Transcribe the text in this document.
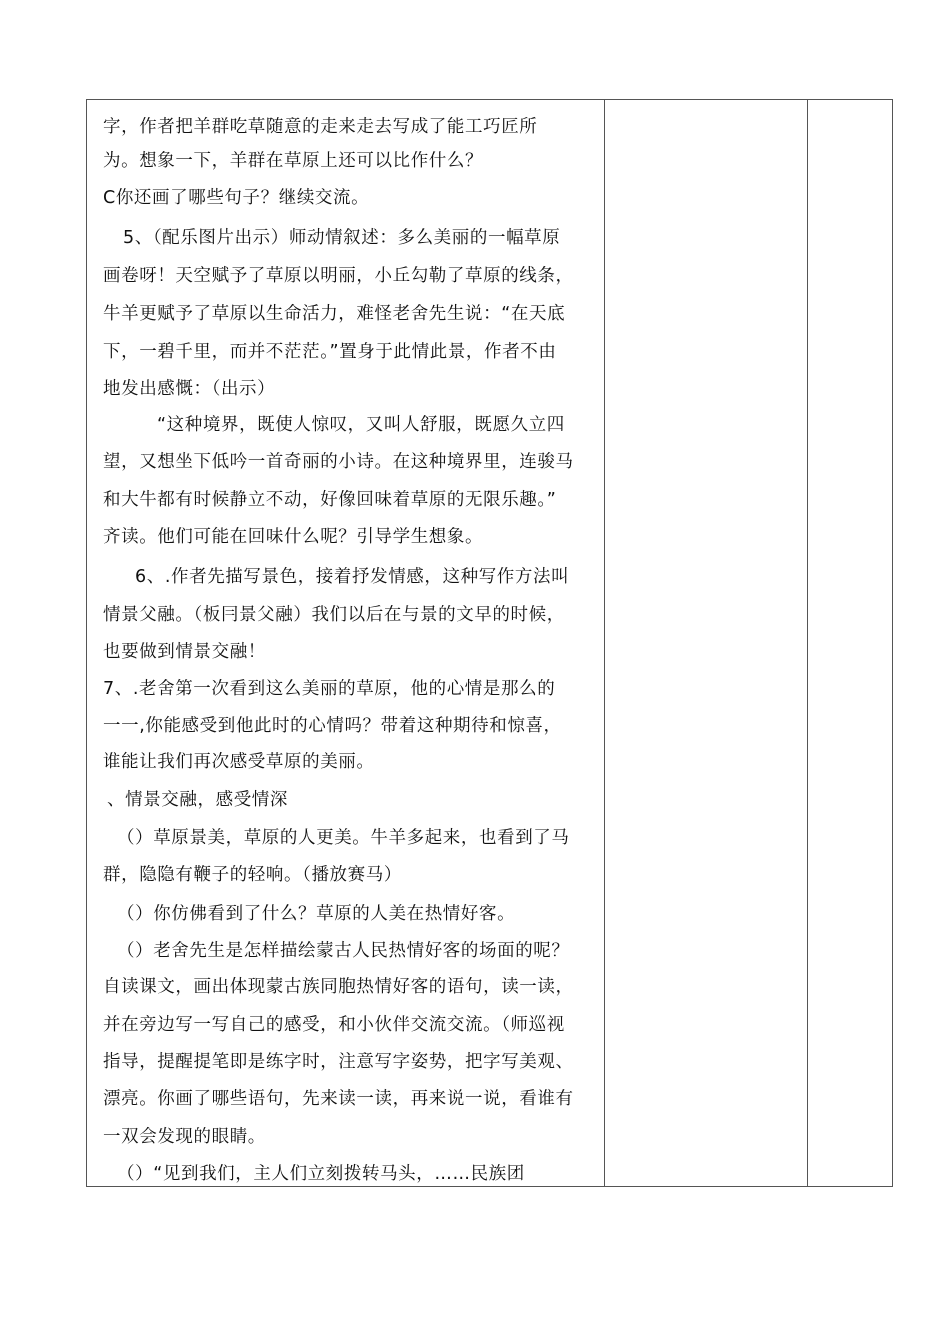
字，作者把羊群吃草随意的走来走去写成了能工巧匠所
为。想象一下，羊群在草原上还可以比作什么？
C你还画了哪些句子？继续交流。
5、（配乐图片出示）师动情叙述：多么美丽的一幅草原
画卷呀！天空赋予了草原以明丽，小丘勾勒了草原的线条，
牛羊更赋予了草原以生命活力，难怪老舍先生说：“在天底
下，一碧千里，而并不茫茫。”置身于此情此景，作者不由
地发出感慨：（出示）
“这种境界，既使人惊叹，又叫人舒服，既愿久立四
望，又想坐下低吟一首奇丽的小诗。在这种境界里，连骏马
和大牛都有时候静立不动，好像回味着草原的无限乐趣。”
齐读。他们可能在回味什么呢？引导学生想象。
6、.作者先描写景色，接着抒发情感，这种写作方法叫
情景父融。（板冃景父融）我们以后在与景的文早的时候，
也要做到情景交融！
7、.老舍第一次看到这么美丽的草原，他的心情是那么的
一一,你能感受到他此时的心情吗？带着这种期待和惊喜，
谁能让我们再次感受草原的美丽。
、情景交融，感受情深
（）草原景美，草原的人更美。牛羊多起来，也看到了马
群，隐隐有鞭子的轻响。（播放赛马）
（）你仿佛看到了什么？草原的人美在热情好客。
（）老舍先生是怎样描绘蒙古人民热情好客的场面的呢？
自读课文，画出体现蒙古族同胞热情好客的语句，读一读，
并在旁边写一写自己的感受，和小伙伴交流交流。（师巡视
指导，提醒提笔即是练字时，注意写字姿势，把字写美观、
漂亮。你画了哪些语句，先来读一读，再来说一说，看谁有
一双会发现的眼睛。
（）“见到我们，主人们立刻拨转马头，……民族团
